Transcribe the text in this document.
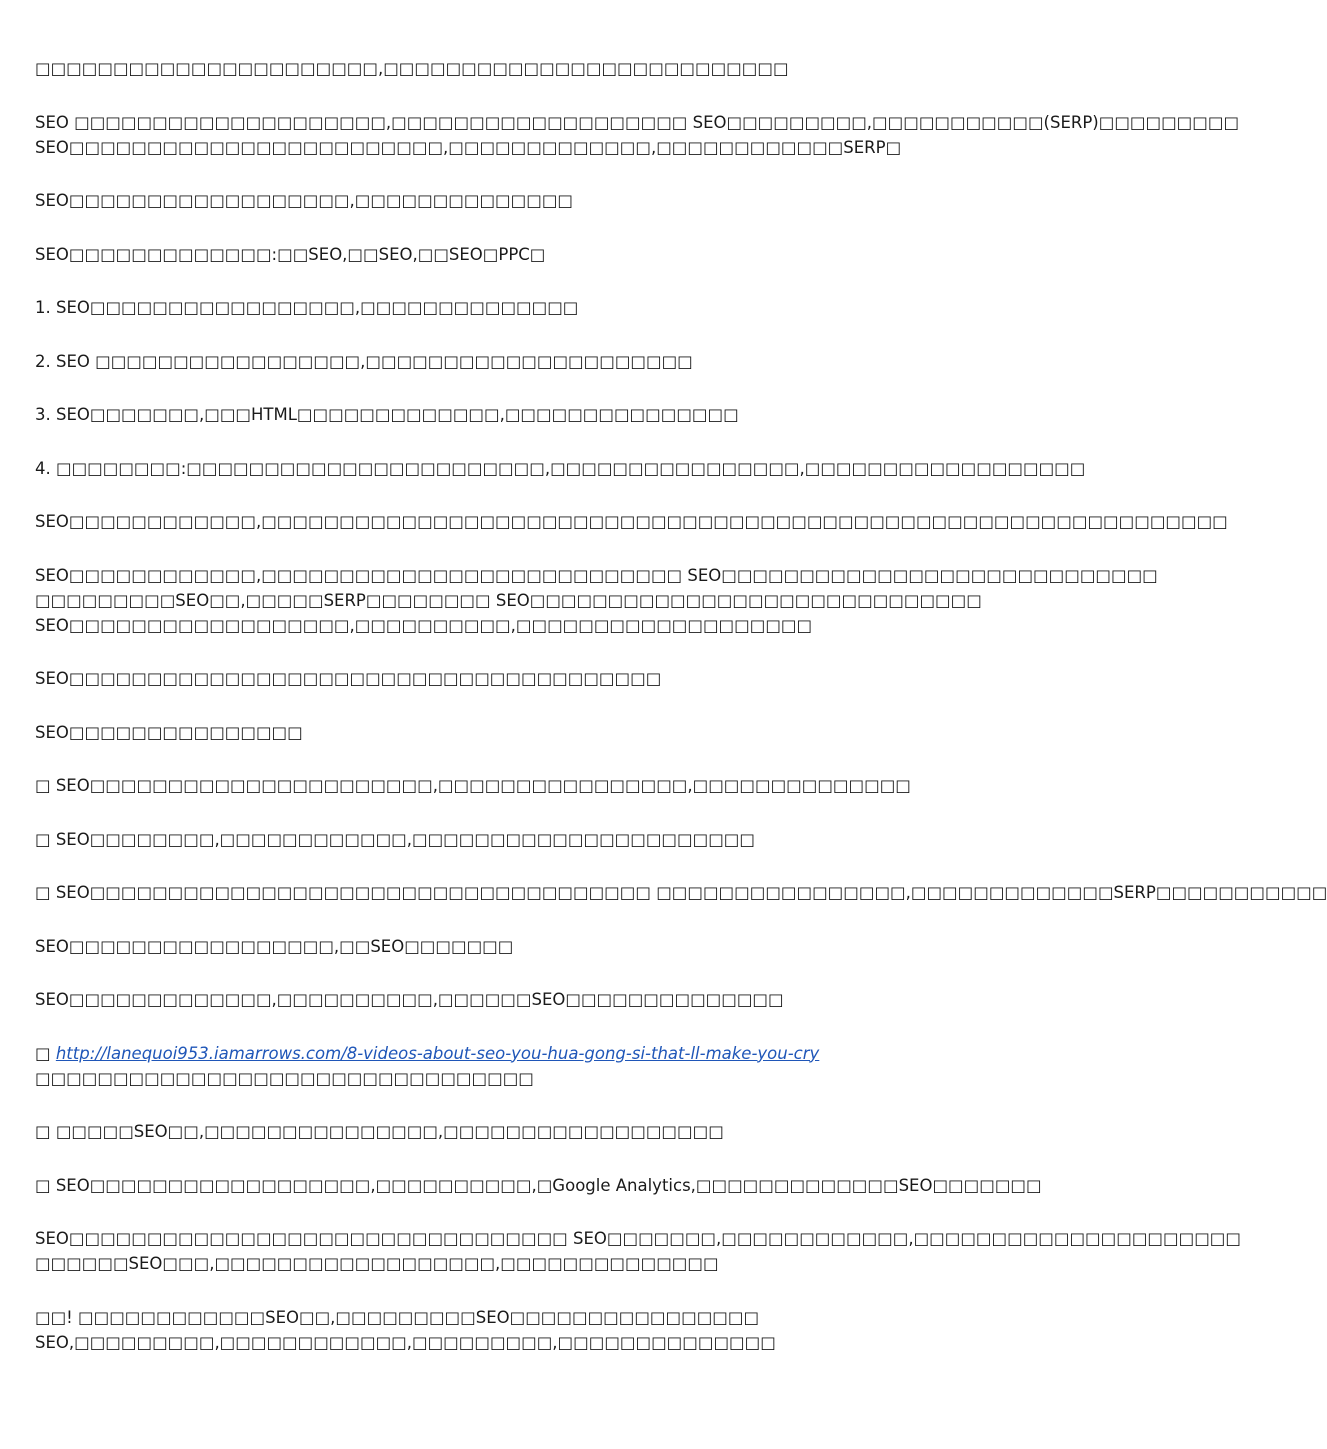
□□□□□□□□□□□□□□□□□□□□□□,□□□□□□□□□□□□□□□□□□□□□□□□□□

SEO □□□□□□□□□□□□□□□□□□□□,□□□□□□□□□□□□□□□□□□□ SEO□□□□□□□□□,□□□□□□□□□□□(SERP)□□□□□□□□□
SEO□□□□□□□□□□□□□□□□□□□□□□□□,□□□□□□□□□□□□□,□□□□□□□□□□□□SERP□

SEO□□□□□□□□□□□□□□□□□□,□□□□□□□□□□□□□□

SEO□□□□□□□□□□□□□:□□SEO,□□SEO,□□SEO□PPC□

1. SEO□□□□□□□□□□□□□□□□□,□□□□□□□□□□□□□□

2. SEO □□□□□□□□□□□□□□□□□,□□□□□□□□□□□□□□□□□□□□□

3. SEO□□□□□□□,□□□HTML□□□□□□□□□□□□□,□□□□□□□□□□□□□□□

4. □□□□□□□□:□□□□□□□□□□□□□□□□□□□□□□□,□□□□□□□□□□□□□□□□,□□□□□□□□□□□□□□□□□□

SEO□□□□□□□□□□□□,□□□□□□□□□□□□□□□□□□□□□□□□□□□□□□□□□□□□□□□□□□□□□□□□□□□□□□□□□□□□□□

SEO□□□□□□□□□□□□,□□□□□□□□□□□□□□□□□□□□□□□□□□□ SEO□□□□□□□□□□□□□□□□□□□□□□□□□□□□
□□□□□□□□□SEO□□,□□□□□SERP□□□□□□□□ SEO□□□□□□□□□□□□□□□□□□□□□□□□□□□□□
SEO□□□□□□□□□□□□□□□□□□,□□□□□□□□□□,□□□□□□□□□□□□□□□□□□□

SEO□□□□□□□□□□□□□□□□□□□□□□□□□□□□□□□□□□□□□□

SEO□□□□□□□□□□□□□□□

□ SEO□□□□□□□□□□□□□□□□□□□□□□,□□□□□□□□□□□□□□□□,□□□□□□□□□□□□□□

□ SEO□□□□□□□□,□□□□□□□□□□□□,□□□□□□□□□□□□□□□□□□□□□□

□ SEO□□□□□□□□□□□□□□□□□□□□□□□□□□□□□□□□□□□□ □□□□□□□□□□□□□□□□,□□□□□□□□□□□□□SERP□□□□□□□□□□□

SEO□□□□□□□□□□□□□□□□□,□□SEO□□□□□□□

SEO□□□□□□□□□□□□□,□□□□□□□□□□,□□□□□□SEO□□□□□□□□□□□□□□

□ http://lanequoi953.iamarrows.com/8-videos-about-seo-you-hua-gong-si-that-ll-make-you-cry
□□□□□□□□□□□□□□□□□□□□□□□□□□□□□□□□

□ □□□□□SEO□□,□□□□□□□□□□□□□□□,□□□□□□□□□□□□□□□□□□

□ SEO□□□□□□□□□□□□□□□□□□,□□□□□□□□□□,□Google Analytics,□□□□□□□□□□□□□SEO□□□□□□□

SEO□□□□□□□□□□□□□□□□□□□□□□□□□□□□□□□□ SEO□□□□□□□,□□□□□□□□□□□□,□□□□□□□□□□□□□□□□□□□□□
□□□□□□SEO□□□,□□□□□□□□□□□□□□□□□□,□□□□□□□□□□□□□□

□□! □□□□□□□□□□□□SEO□□,□□□□□□□□□SEO□□□□□□□□□□□□□□□□
SEO,□□□□□□□□□,□□□□□□□□□□□□,□□□□□□□□□,□□□□□□□□□□□□□□
